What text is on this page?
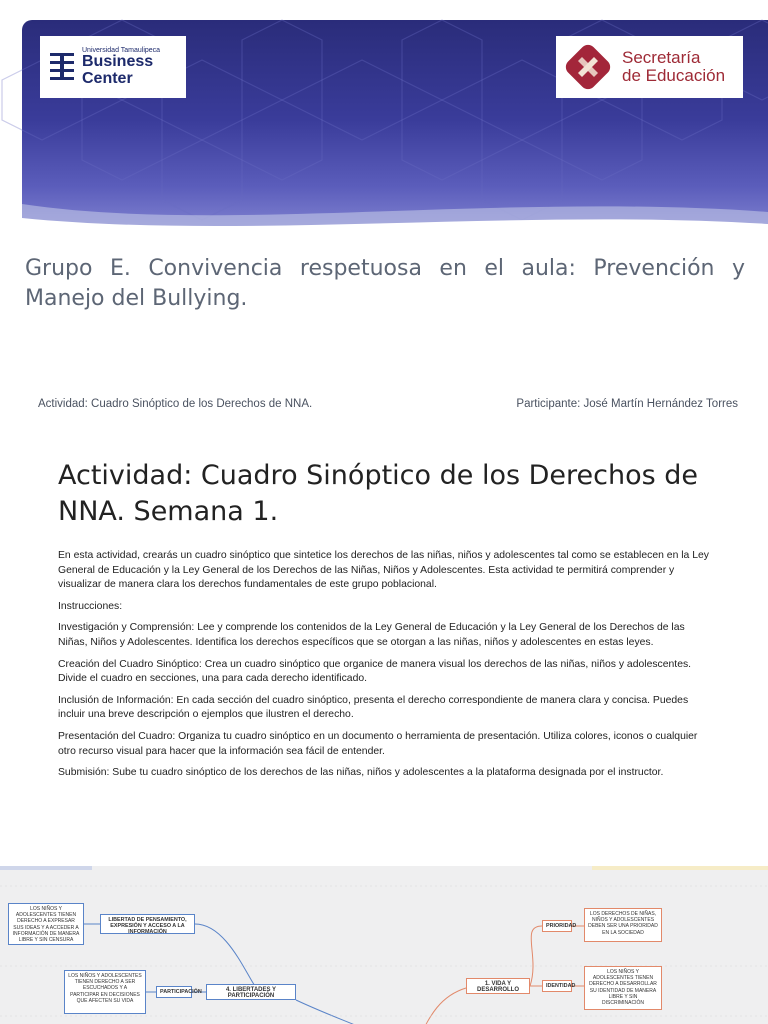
Universidad Tamaulipeca
Business
Center
Secretaría
de Educación
Grupo E. Convivencia respetuosa en el aula: Prevención y Manejo del Bullying.
Actividad: Cuadro Sinóptico de los Derechos de NNA.	Participante: José Martín Hernández Torres
Actividad: Cuadro Sinóptico de los Derechos de NNA. Semana 1.

En esta actividad, crearás un cuadro sinóptico que sintetice los derechos de las niñas, niños y adolescentes tal como se establecen en la Ley General de Educación y la Ley General de los Derechos de las Niñas, Niños y Adolescentes. Esta actividad te permitirá comprender y visualizar de manera clara los derechos fundamentales de este grupo poblacional.

Instrucciones:

Investigación y Comprensión: Lee y comprende los contenidos de la Ley General de Educación y la Ley General de los Derechos de las Niñas, Niños y Adolescentes. Identifica los derechos específicos que se otorgan a las niñas, niños y adolescentes en estas leyes.

Creación del Cuadro Sinóptico: Crea un cuadro sinóptico que organice de manera visual los derechos de las niñas, niños y adolescentes. Divide el cuadro en secciones, una para cada derecho identificado.

Inclusión de Información: En cada sección del cuadro sinóptico, presenta el derecho correspondiente de manera clara y concisa. Puedes incluir una breve descripción o ejemplos que ilustren el derecho.

Presentación del Cuadro: Organiza tu cuadro sinóptico en un documento o herramienta de presentación. Utiliza colores, iconos o cualquier otro recurso visual para hacer que la información sea fácil de entender.

Submisión: Sube tu cuadro sinóptico de los derechos de las niñas, niños y adolescentes a la plataforma designada por el instructor.

LOS NIÑOS Y ADOLESCENTES TIENEN DERECHO A EXPRESAR SUS IDEAS Y A ACCEDER A INFORMACIÓN DE MANERA LIBRE Y SIN CENSURA
LIBERTAD DE PENSAMIENTO, EXPRESIÓN Y ACCESO A LA INFORMACIÓN
LOS NIÑOS Y ADOLESCENTES TIENEN DERECHO A SER ESCUCHADOS Y A PARTICIPAR EN DECISIONES QUE AFECTEN SU VIDA
PARTICIPACIÓN	4. LIBERTADES Y PARTICIPACIÓN
1. VIDA Y DESARROLLO
PRIORIDAD
LOS DERECHOS DE NIÑAS, NIÑOS Y ADOLESCENTES DEBEN SER UNA PRIORIDAD EN LA SOCIEDAD
IDENTIDAD
LOS NIÑOS Y ADOLESCENTES TIENEN DERECHO A DESARROLLAR SU IDENTIDAD DE MANERA LIBRE Y SIN DISCRIMINACIÓN
